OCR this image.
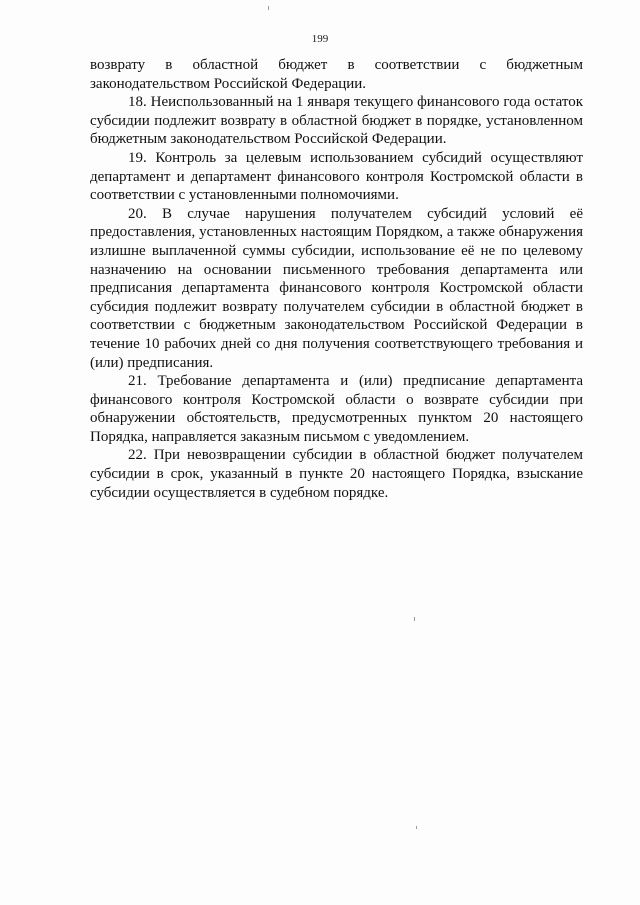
199

возврату в областной бюджет в соответствии с бюджетным законодательством Российской Федерации.

18. Неиспользованный на 1 января текущего финансового года остаток субсидии подлежит возврату в областной бюджет в порядке, установленном бюджетным законодательством Российской Федерации.

19. Контроль за целевым использованием субсидий осуществляют департамент и департамент финансового контроля Костромской области в соответствии с установленными полномочиями.

20. В случае нарушения получателем субсидий условий её предоставления, установленных настоящим Порядком, а также обнаружения излишне выплаченной суммы субсидии, использование её не по целевому назначению на основании письменного требования департамента или предписания департамента финансового контроля Костромской области субсидия подлежит возврату получателем субсидии в областной бюджет в соответствии с бюджетным законодательством Российской Федерации в течение 10 рабочих дней со дня получения соответствующего требования и (или) предписания.

21. Требование департамента и (или) предписание департамента финансового контроля Костромской области о возврате субсидии при обнаружении обстоятельств, предусмотренных пунктом 20 настоящего Порядка, направляется заказным письмом с уведомлением.

22. При невозвращении субсидии в областной бюджет получателем субсидии в срок, указанный в пункте 20 настоящего Порядка, взыскание субсидии осуществляется в судебном порядке.
